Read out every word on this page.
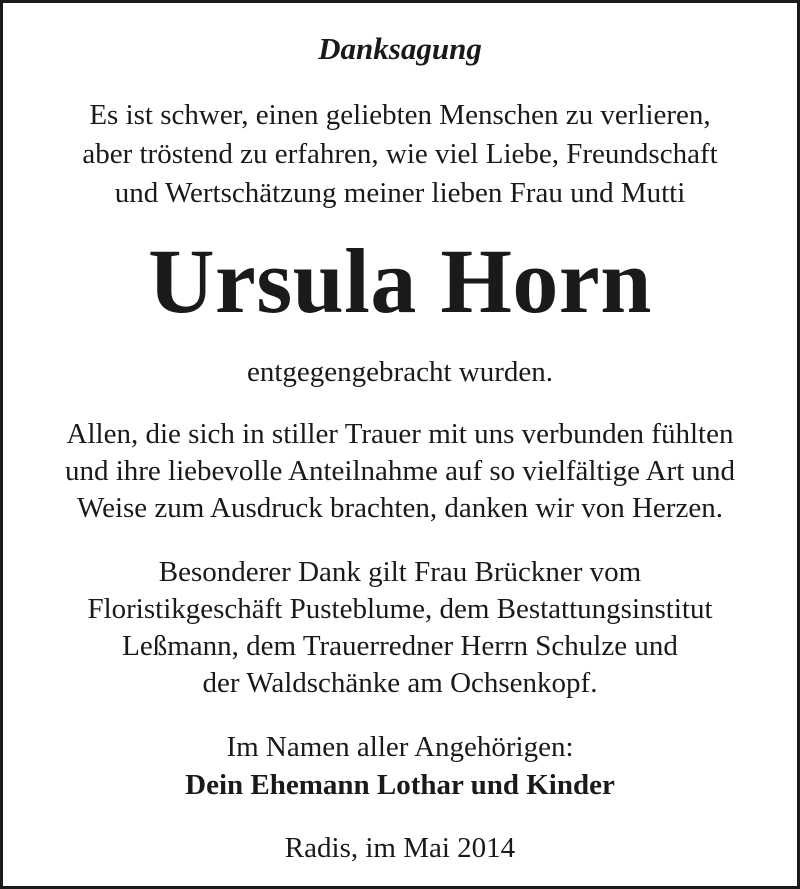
Danksagung
Es ist schwer, einen geliebten Menschen zu verlieren,
aber tröstend zu erfahren, wie viel Liebe, Freundschaft
und Wertschätzung meiner lieben Frau und Mutti
Ursula Horn
entgegengebracht wurden.
Allen, die sich in stiller Trauer mit uns verbunden fühlten
und ihre liebevolle Anteilnahme auf so vielfältige Art und
Weise zum Ausdruck brachten, danken wir von Herzen.
Besonderer Dank gilt Frau Brückner vom
Floristikgeschäft Pusteblume, dem Bestattungsinstitut
Leßmann, dem Trauerredner Herrn Schulze und
der Waldschänke am Ochsenkopf.
Im Namen aller Angehörigen:
Dein Ehemann Lothar und Kinder
Radis, im Mai 2014
